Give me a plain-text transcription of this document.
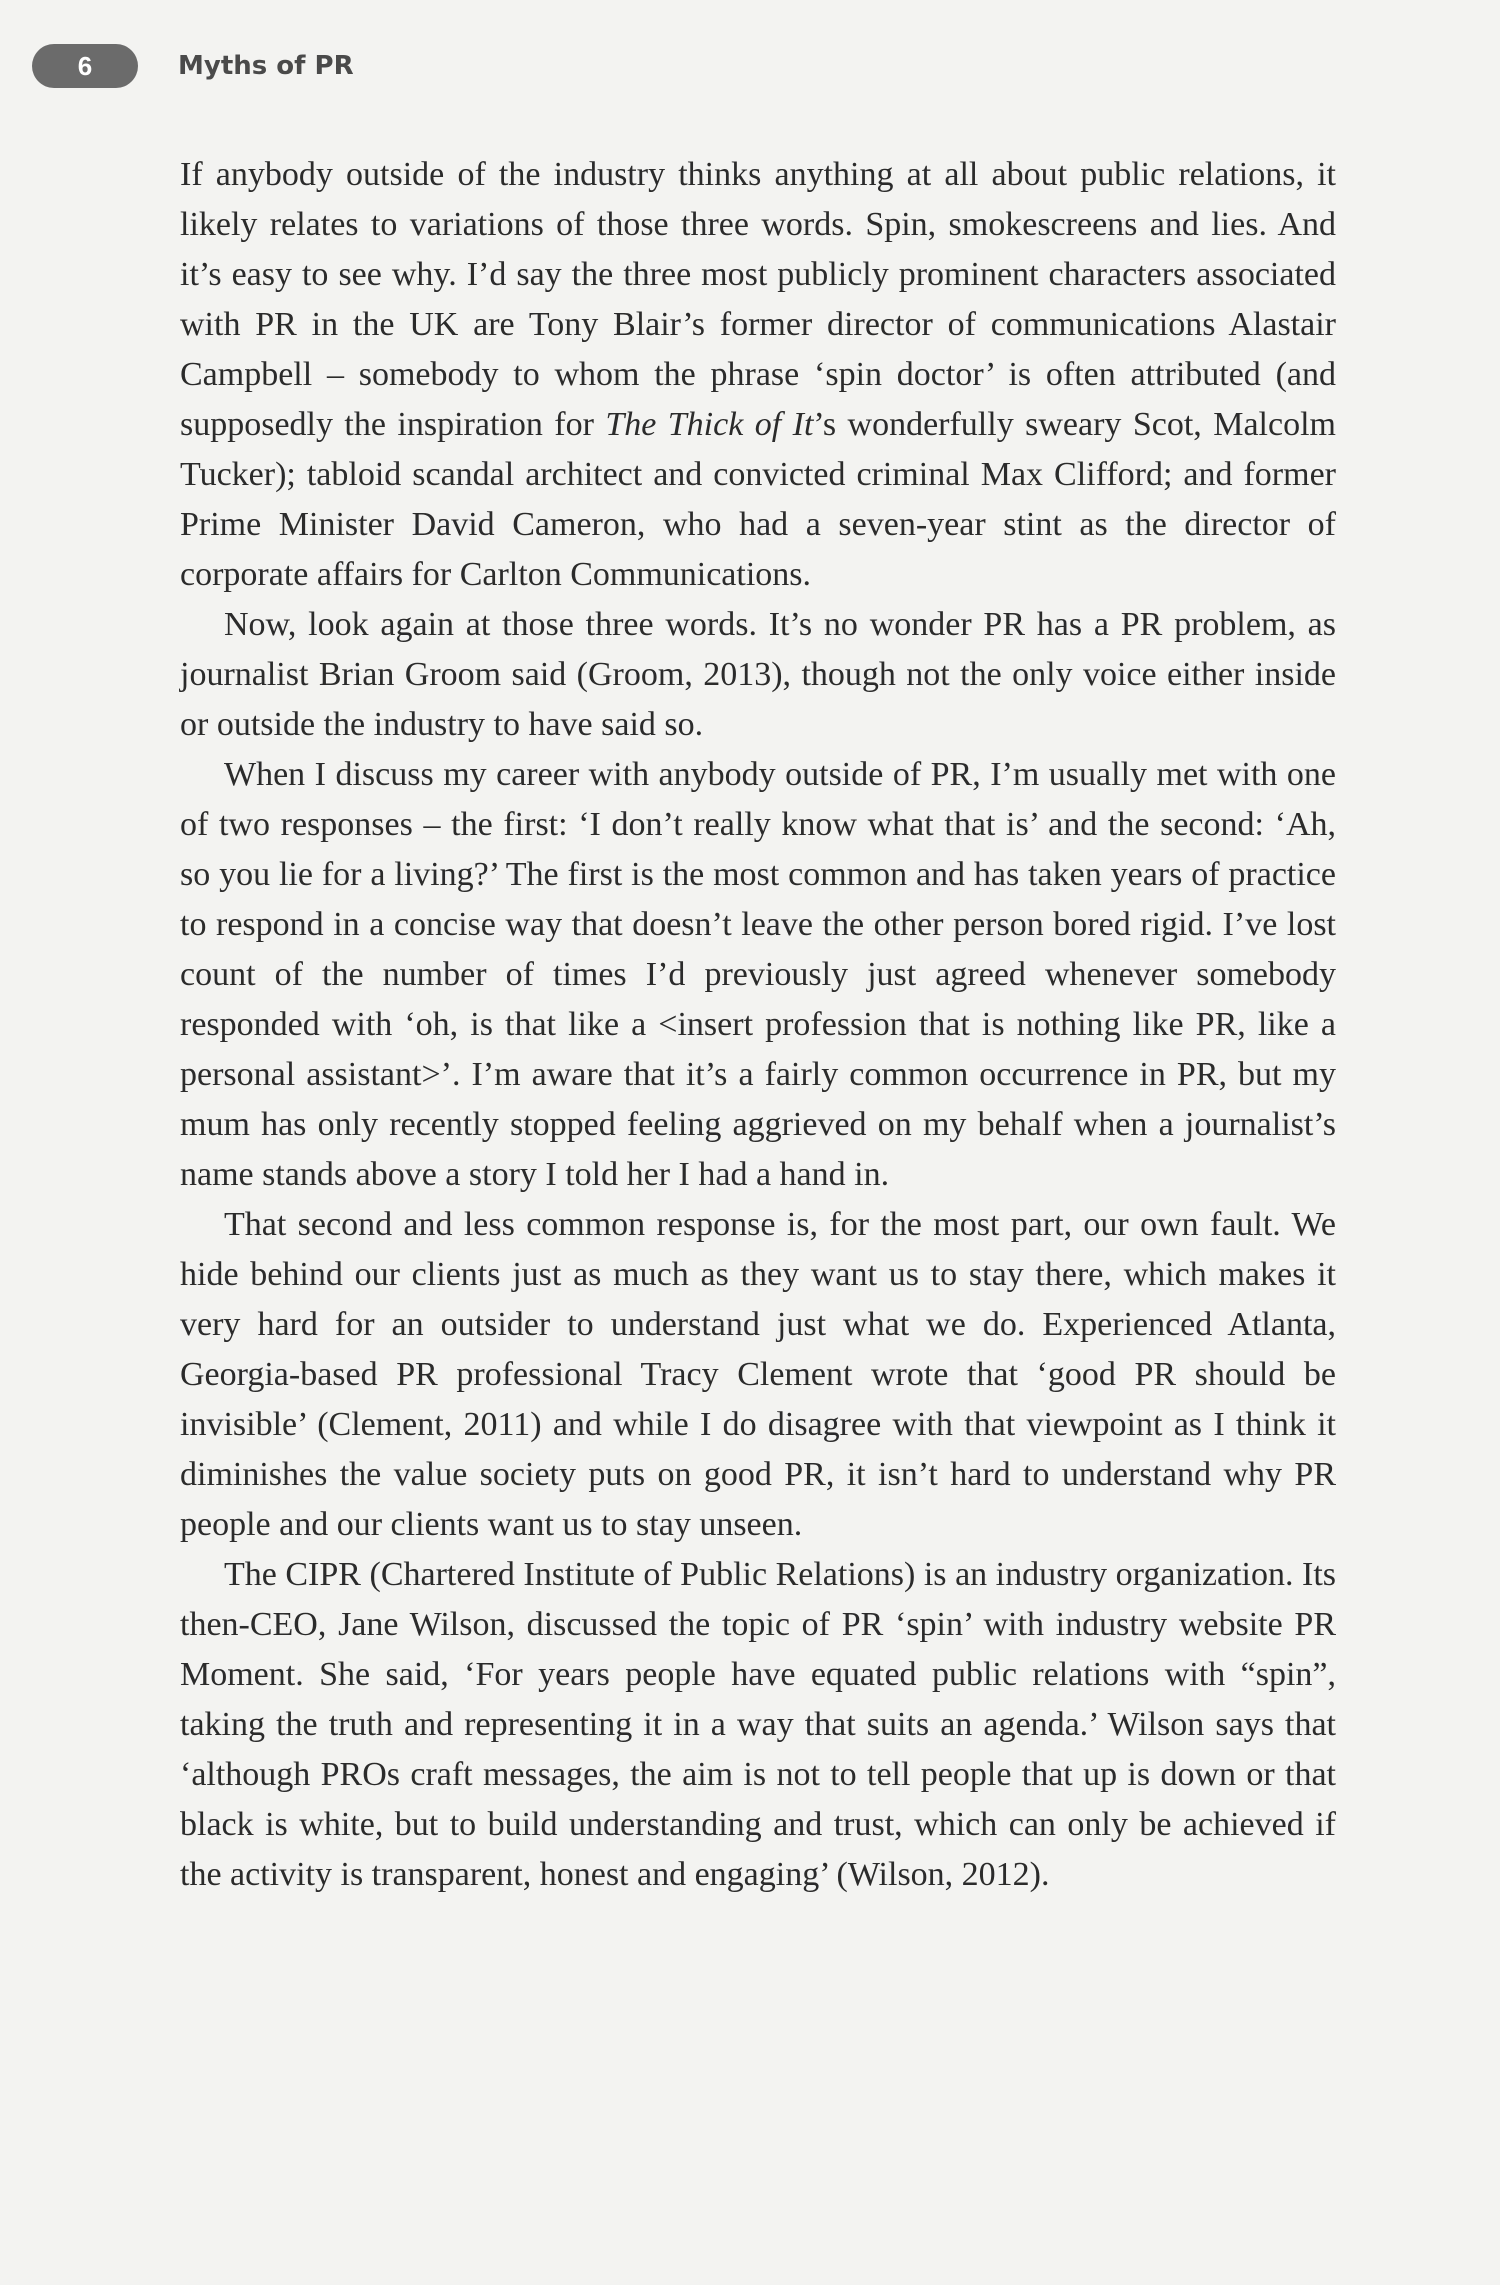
6	Myths of PR

If anybody outside of the industry thinks anything at all about public relations, it likely relates to variations of those three words. Spin, smokescreens and lies. And it’s easy to see why. I’d say the three most publicly prominent characters associated with PR in the UK are Tony Blair’s former director of communications Alastair Campbell – somebody to whom the phrase ‘spin doctor’ is often attributed (and supposedly the inspiration for The Thick of It’s wonderfully sweary Scot, Malcolm Tucker); tabloid scandal architect and convicted criminal Max Clifford; and former Prime Minister David Cameron, who had a seven-year stint as the director of corporate affairs for Carlton Communications.

Now, look again at those three words. It’s no wonder PR has a PR problem, as journalist Brian Groom said (Groom, 2013), though not the only voice either inside or outside the industry to have said so.

When I discuss my career with anybody outside of PR, I’m usually met with one of two responses – the first: ‘I don’t really know what that is’ and the second: ‘Ah, so you lie for a living?’ The first is the most common and has taken years of practice to respond in a concise way that doesn’t leave the other person bored rigid. I’ve lost count of the number of times I’d previously just agreed whenever somebody responded with ‘oh, is that like a <insert profession that is nothing like PR, like a personal assistant>’. I’m aware that it’s a fairly common occurrence in PR, but my mum has only recently stopped feeling aggrieved on my behalf when a journalist’s name stands above a story I told her I had a hand in.

That second and less common response is, for the most part, our own fault. We hide behind our clients just as much as they want us to stay there, which makes it very hard for an outsider to understand just what we do. Experienced Atlanta, Georgia-based PR professional Tracy Clement wrote that ‘good PR should be invisible’ (Clement, 2011) and while I do disagree with that viewpoint as I think it diminishes the value society puts on good PR, it isn’t hard to understand why PR people and our clients want us to stay unseen.

The CIPR (Chartered Institute of Public Relations) is an industry organization. Its then-CEO, Jane Wilson, discussed the topic of PR ‘spin’ with industry website PR Moment. She said, ‘For years people have equated public relations with “spin”, taking the truth and representing it in a way that suits an agenda.’ Wilson says that ‘although PROs craft messages, the aim is not to tell people that up is down or that black is white, but to build understanding and trust, which can only be achieved if the activity is transparent, honest and engaging’ (Wilson, 2012).
